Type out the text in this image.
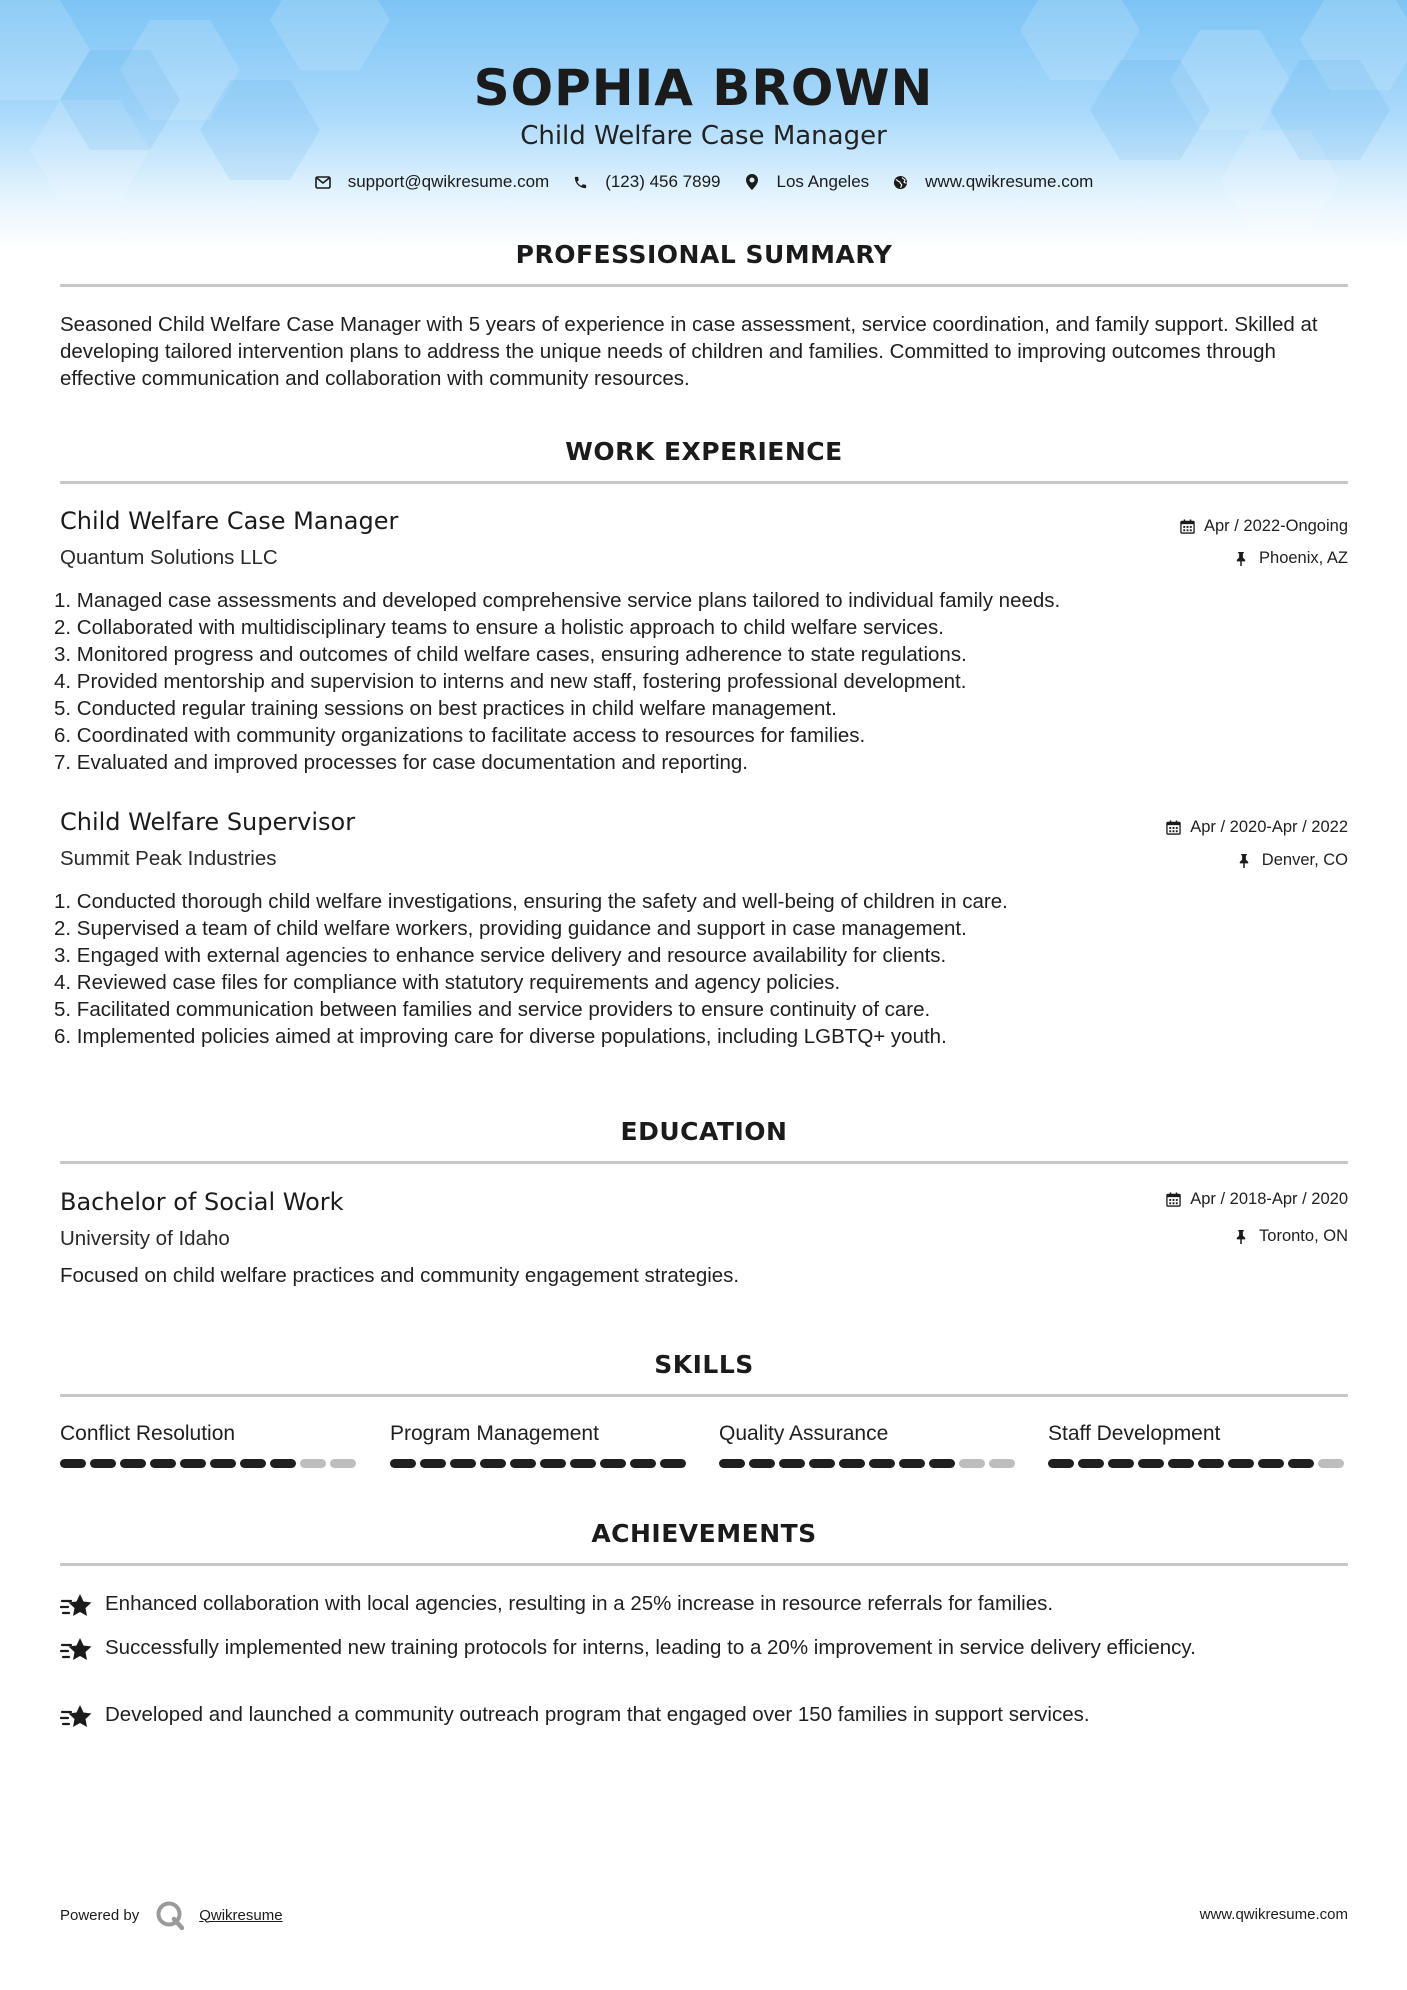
SOPHIA BROWN
Child Welfare Case Manager
support@qwikresume.com	(123) 456 7899	Los Angeles	www.qwikresume.com
PROFESSIONAL SUMMARY
Seasoned Child Welfare Case Manager with 5 years of experience in case assessment, service coordination, and family support. Skilled at developing tailored intervention plans to address the unique needs of children and families. Committed to improving outcomes through effective communication and collaboration with community resources.
WORK EXPERIENCE
Child Welfare Case Manager	Apr / 2022-Ongoing
Quantum Solutions LLC	Phoenix, AZ
1. Managed case assessments and developed comprehensive service plans tailored to individual family needs.
2. Collaborated with multidisciplinary teams to ensure a holistic approach to child welfare services.
3. Monitored progress and outcomes of child welfare cases, ensuring adherence to state regulations.
4. Provided mentorship and supervision to interns and new staff, fostering professional development.
5. Conducted regular training sessions on best practices in child welfare management.
6. Coordinated with community organizations to facilitate access to resources for families.
7. Evaluated and improved processes for case documentation and reporting.
Child Welfare Supervisor	Apr / 2020-Apr / 2022
Summit Peak Industries	Denver, CO
1. Conducted thorough child welfare investigations, ensuring the safety and well-being of children in care.
2. Supervised a team of child welfare workers, providing guidance and support in case management.
3. Engaged with external agencies to enhance service delivery and resource availability for clients.
4. Reviewed case files for compliance with statutory requirements and agency policies.
5. Facilitated communication between families and service providers to ensure continuity of care.
6. Implemented policies aimed at improving care for diverse populations, including LGBTQ+ youth.
EDUCATION
Bachelor of Social Work	Apr / 2018-Apr / 2020
University of Idaho	Toronto, ON
Focused on child welfare practices and community engagement strategies.
SKILLS
Conflict Resolution	Program Management	Quality Assurance	Staff Development
ACHIEVEMENTS
Enhanced collaboration with local agencies, resulting in a 25% increase in resource referrals for families.
Successfully implemented new training protocols for interns, leading to a 20% improvement in service delivery efficiency.
Developed and launched a community outreach program that engaged over 150 families in support services.
Powered by	Qwikresume	www.qwikresume.com
